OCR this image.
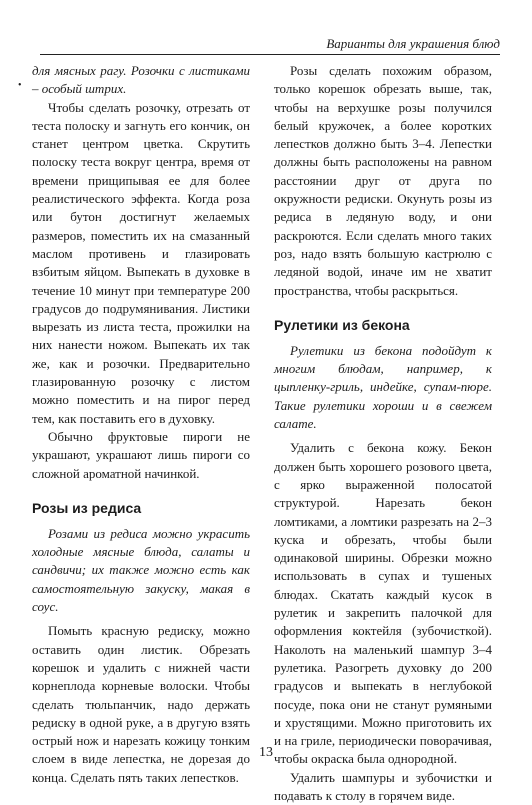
Варианты для украшения блюд
•

для мясных рагу. Розочки с листиками – особый штрих.

Чтобы сделать розочку, отрезать от теста полоску и загнуть его кончик, он станет центром цветка. Скрутить полоску теста вокруг центра, время от времени прищипывая ее для более реалистического эффекта. Когда роза или бутон достигнут желаемых размеров, поместить их на смазанный маслом противень и глазировать взбитым яйцом. Выпекать в духовке в течение 10 минут при температуре 200 градусов до подрумянивания. Листики вырезать из листа теста, прожилки на них нанести ножом. Выпекать их так же, как и розочки. Предварительно глазированную розочку с листом можно поместить и на пирог перед тем, как поставить его в духовку.

Обычно фруктовые пироги не украшают, украшают лишь пироги со сложной ароматной начинкой.

Розы из редиса

Розами из редиса можно украсить холодные мясные блюда, салаты и сандвичи; их также можно есть как самостоятельную закуску, макая в соус.

Помыть красную редиску, можно оставить один листик. Обрезать корешок и удалить с нижней части корнеплода корневые волоски. Чтобы сделать тюльпанчик, надо держать редиску в одной руке, а в другую взять острый нож и нарезать кожицу тонким слоем в виде лепестка, не дорезая до конца. Сделать пять таких лепестков.

Розы сделать похожим образом, только корешок обрезать выше, так, чтобы на верхушке розы получился белый кружочек, а более коротких лепестков должно быть 3–4. Лепестки должны быть расположены на равном расстоянии друг от друга по окружности редиски. Окунуть розы из редиса в ледяную воду, и они раскроются. Если сделать много таких роз, надо взять большую кастрюлю с ледяной водой, иначе им не хватит пространства, чтобы раскрыться.

Рулетики из бекона

Рулетики из бекона подойдут к многим блюдам, например, к цыпленку-гриль, индейке, супам-пюре. Такие рулетики хороши и в свежем салате.

Удалить с бекона кожу. Бекон должен быть хорошего розового цвета, с ярко выраженной полосатой структурой. Нарезать бекон ломтиками, а ломтики разрезать на 2–3 куска и обрезать, чтобы были одинаковой ширины. Обрезки можно использовать в супах и тушеных блюдах. Скатать каждый кусок в рулетик и закрепить палочкой для оформления коктейля (зубочисткой). Наколоть на маленький шампур 3–4 рулетика. Разогреть духовку до 200 градусов и выпекать в неглубокой посуде, пока они не станут румяными и хрустящими. Можно приготовить их и на гриле, периодически поворачивая, чтобы окраска была однородной.

Удалить шампуры и зубочистки и подавать к столу в горячем виде.

13
